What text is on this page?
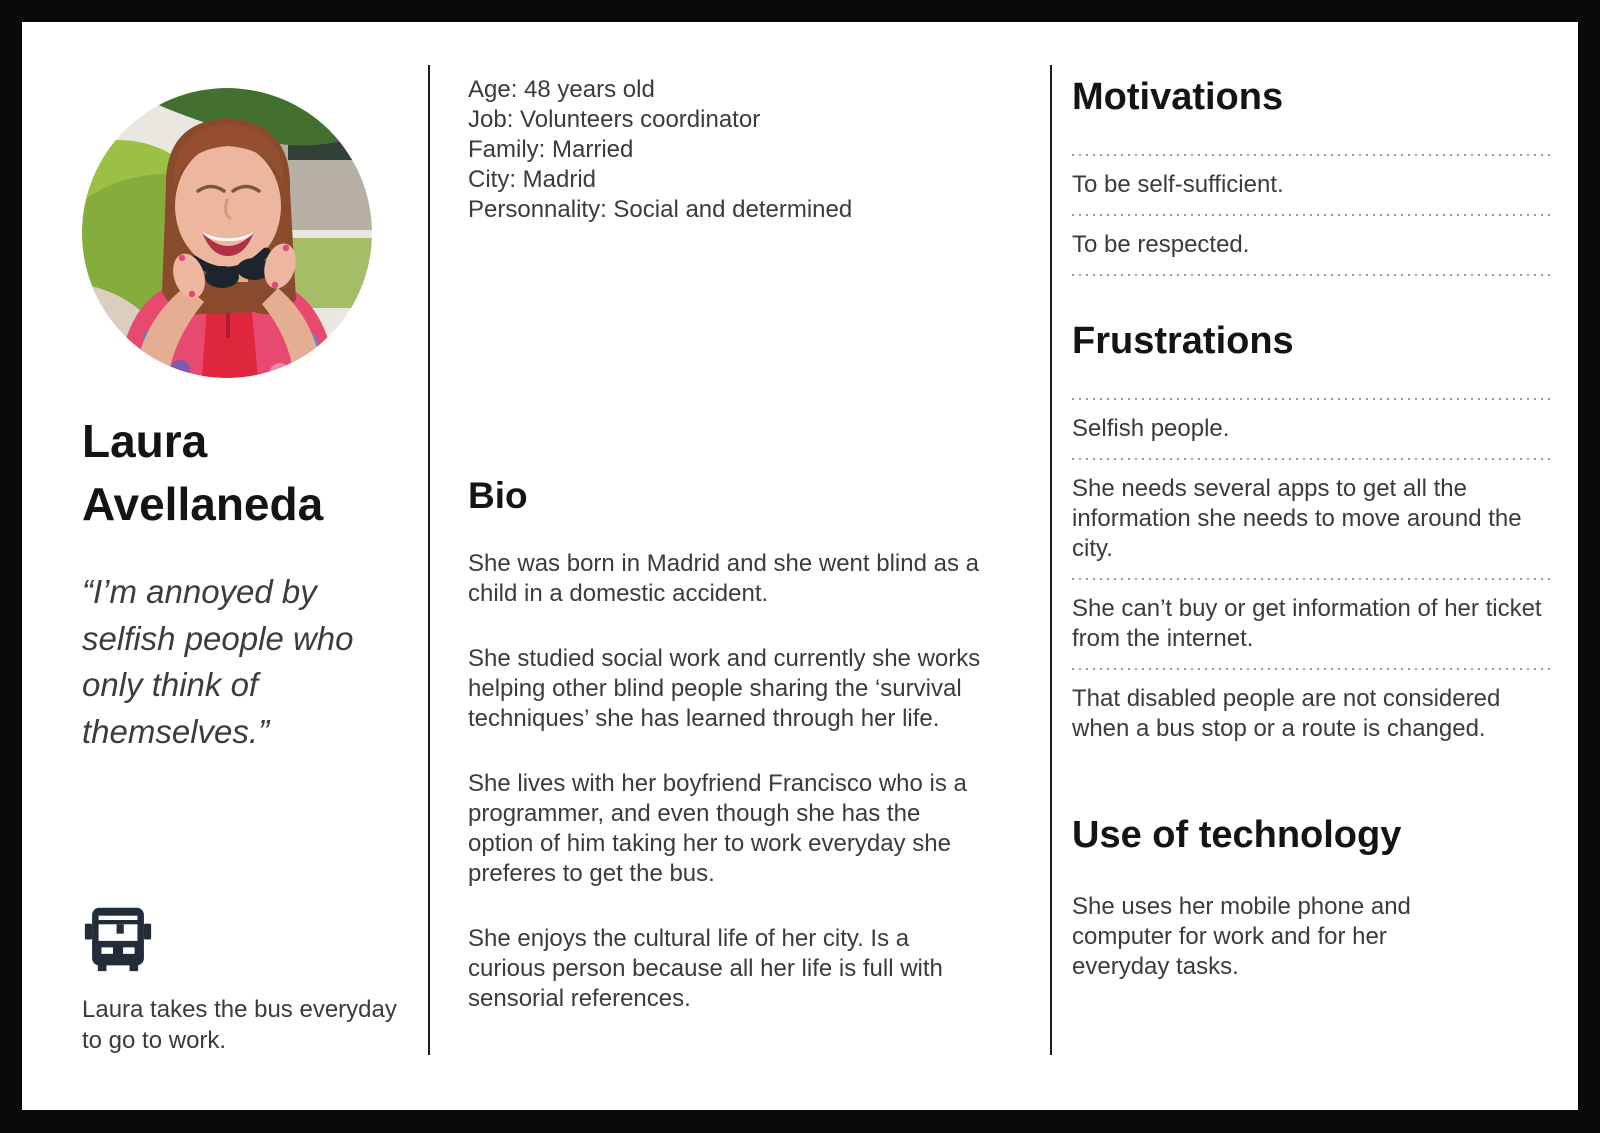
Laura Avellaneda

“I’m annoyed by selfish people who only think of themselves.”

Laura takes the bus everyday to go to work.

Age: 48 years old
Job: Volunteers coordinator
Family: Married
City: Madrid
Personnality: Social and determined
Bio

She was born in Madrid and she went blind as a child in a domestic accident.

She studied social work and currently she works helping other blind people sharing the ‘survival techniques’ she has learned through her life.

She lives with her boyfriend Francisco who is a programmer, and even though she has the option of him taking her to work everyday she preferes to get the bus.

She enjoys the cultural life of her city. Is a curious person because all her life is full with sensorial references.

Motivations
To be self-sufficient.
To be respected.
Frustrations
Selfish people.
She needs several apps to get all the information she needs to move around the city.
She can’t buy or get information of her ticket from the internet.
That disabled people are not considered when a bus stop or a route is changed.
Use of technology

She uses her mobile phone and computer for work and for her everyday tasks.
